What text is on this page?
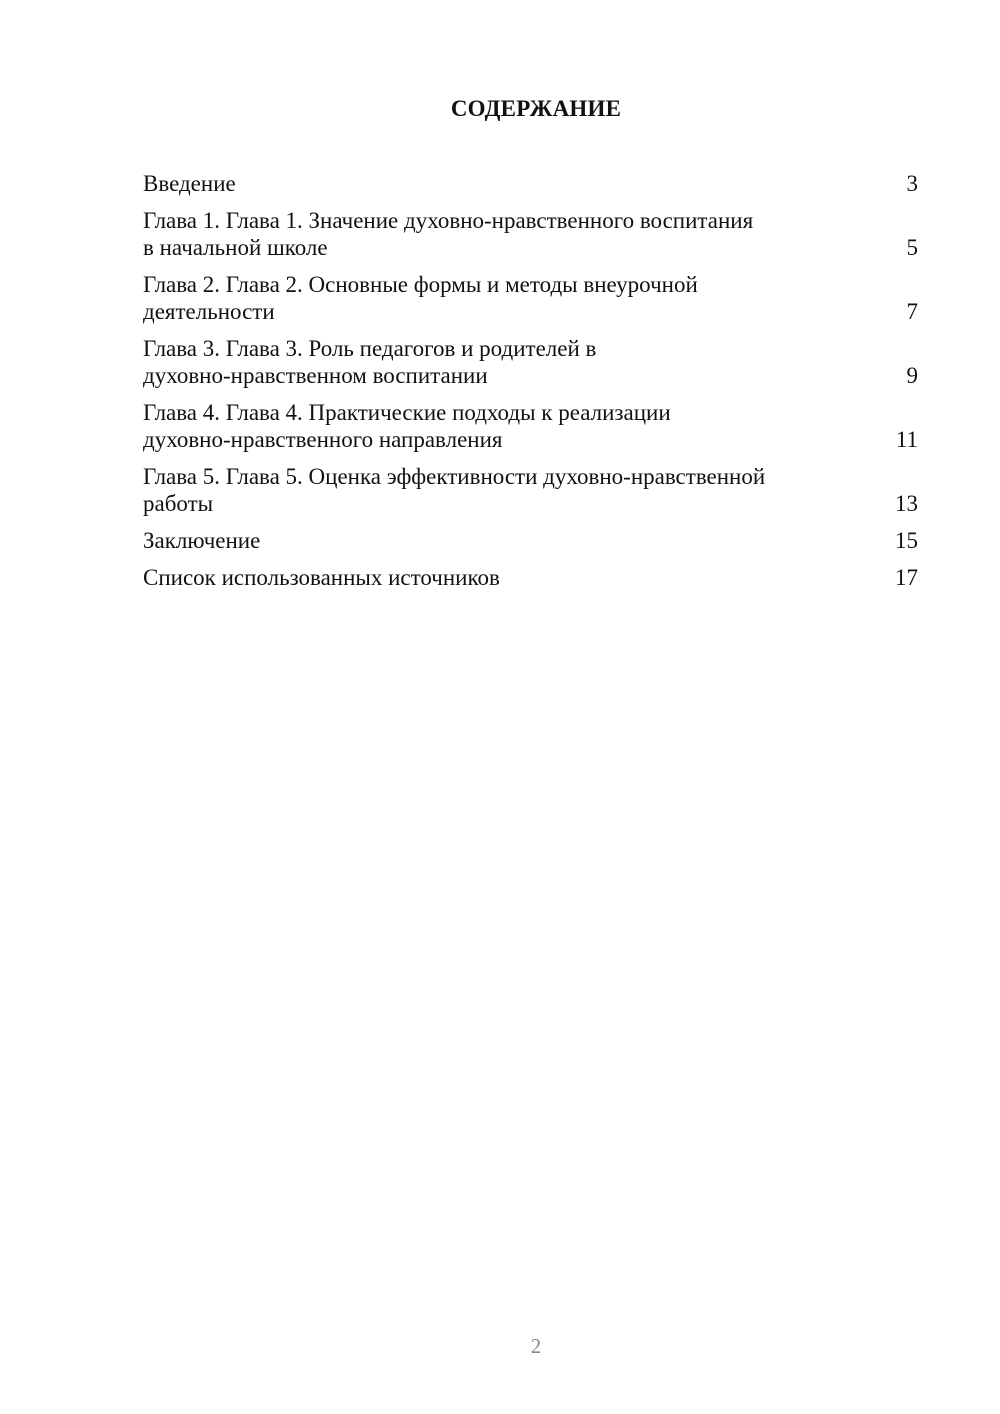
СОДЕРЖАНИЕ
Введение	3
Глава 1. Глава 1. Значение духовно-нравственного воспитания
в начальной школе	5
Глава 2. Глава 2. Основные формы и методы внеурочной
деятельности	7
Глава 3. Глава 3. Роль педагогов и родителей в
духовно-нравственном воспитании	9
Глава 4. Глава 4. Практические подходы к реализации
духовно-нравственного направления	11
Глава 5. Глава 5. Оценка эффективности духовно-нравственной
работы	13
Заключение	15
Список использованных источников	17
2
